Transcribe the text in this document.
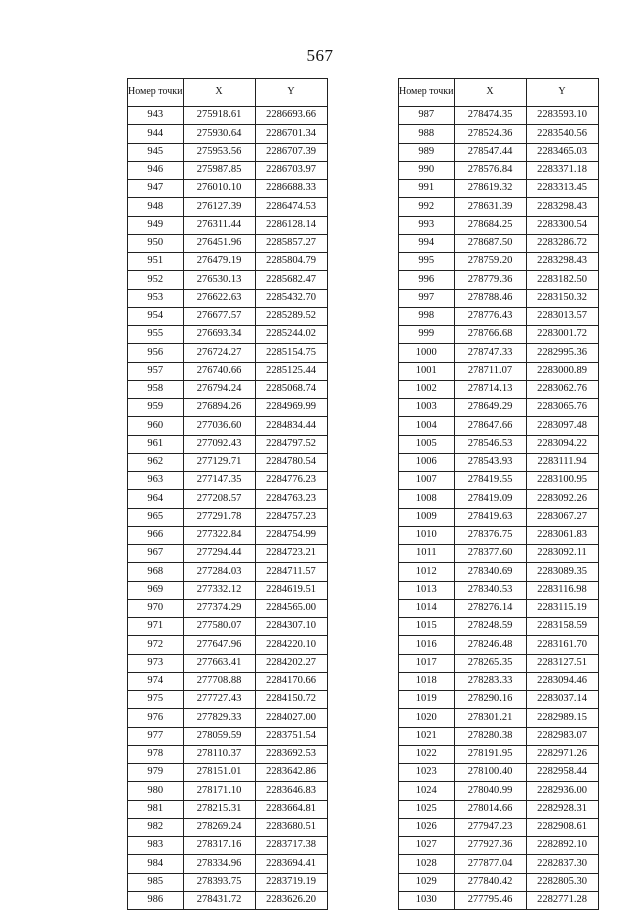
567
Номер точки	X	Y
943	275918.61	2286693.66
944	275930.64	2286701.34
945	275953.56	2286707.39
946	275987.85	2286703.97
947	276010.10	2286688.33
948	276127.39	2286474.53
949	276311.44	2286128.14
950	276451.96	2285857.27
951	276479.19	2285804.79
952	276530.13	2285682.47
953	276622.63	2285432.70
954	276677.57	2285289.52
955	276693.34	2285244.02
956	276724.27	2285154.75
957	276740.66	2285125.44
958	276794.24	2285068.74
959	276894.26	2284969.99
960	277036.60	2284834.44
961	277092.43	2284797.52
962	277129.71	2284780.54
963	277147.35	2284776.23
964	277208.57	2284763.23
965	277291.78	2284757.23
966	277322.84	2284754.99
967	277294.44	2284723.21
968	277284.03	2284711.57
969	277332.12	2284619.51
970	277374.29	2284565.00
971	277580.07	2284307.10
972	277647.96	2284220.10
973	277663.41	2284202.27
974	277708.88	2284170.66
975	277727.43	2284150.72
976	277829.33	2284027.00
977	278059.59	2283751.54
978	278110.37	2283692.53
979	278151.01	2283642.86
980	278171.10	2283646.83
981	278215.31	2283664.81
982	278269.24	2283680.51
983	278317.16	2283717.38
984	278334.96	2283694.41
985	278393.75	2283719.19
986	278431.72	2283626.20
Номер точки	X	Y
987	278474.35	2283593.10
988	278524.36	2283540.56
989	278547.44	2283465.03
990	278576.84	2283371.18
991	278619.32	2283313.45
992	278631.39	2283298.43
993	278684.25	2283300.54
994	278687.50	2283286.72
995	278759.20	2283298.43
996	278779.36	2283182.50
997	278788.46	2283150.32
998	278776.43	2283013.57
999	278766.68	2283001.72
1000	278747.33	2282995.36
1001	278711.07	2283000.89
1002	278714.13	2283062.76
1003	278649.29	2283065.76
1004	278647.66	2283097.48
1005	278546.53	2283094.22
1006	278543.93	2283111.94
1007	278419.55	2283100.95
1008	278419.09	2283092.26
1009	278419.63	2283067.27
1010	278376.75	2283061.83
1011	278377.60	2283092.11
1012	278340.69	2283089.35
1013	278340.53	2283116.98
1014	278276.14	2283115.19
1015	278248.59	2283158.59
1016	278246.48	2283161.70
1017	278265.35	2283127.51
1018	278283.33	2283094.46
1019	278290.16	2283037.14
1020	278301.21	2282989.15
1021	278280.38	2282983.07
1022	278191.95	2282971.26
1023	278100.40	2282958.44
1024	278040.99	2282936.00
1025	278014.66	2282928.31
1026	277947.23	2282908.61
1027	277927.36	2282892.10
1028	277877.04	2282837.30
1029	277840.42	2282805.30
1030	277795.46	2282771.28
